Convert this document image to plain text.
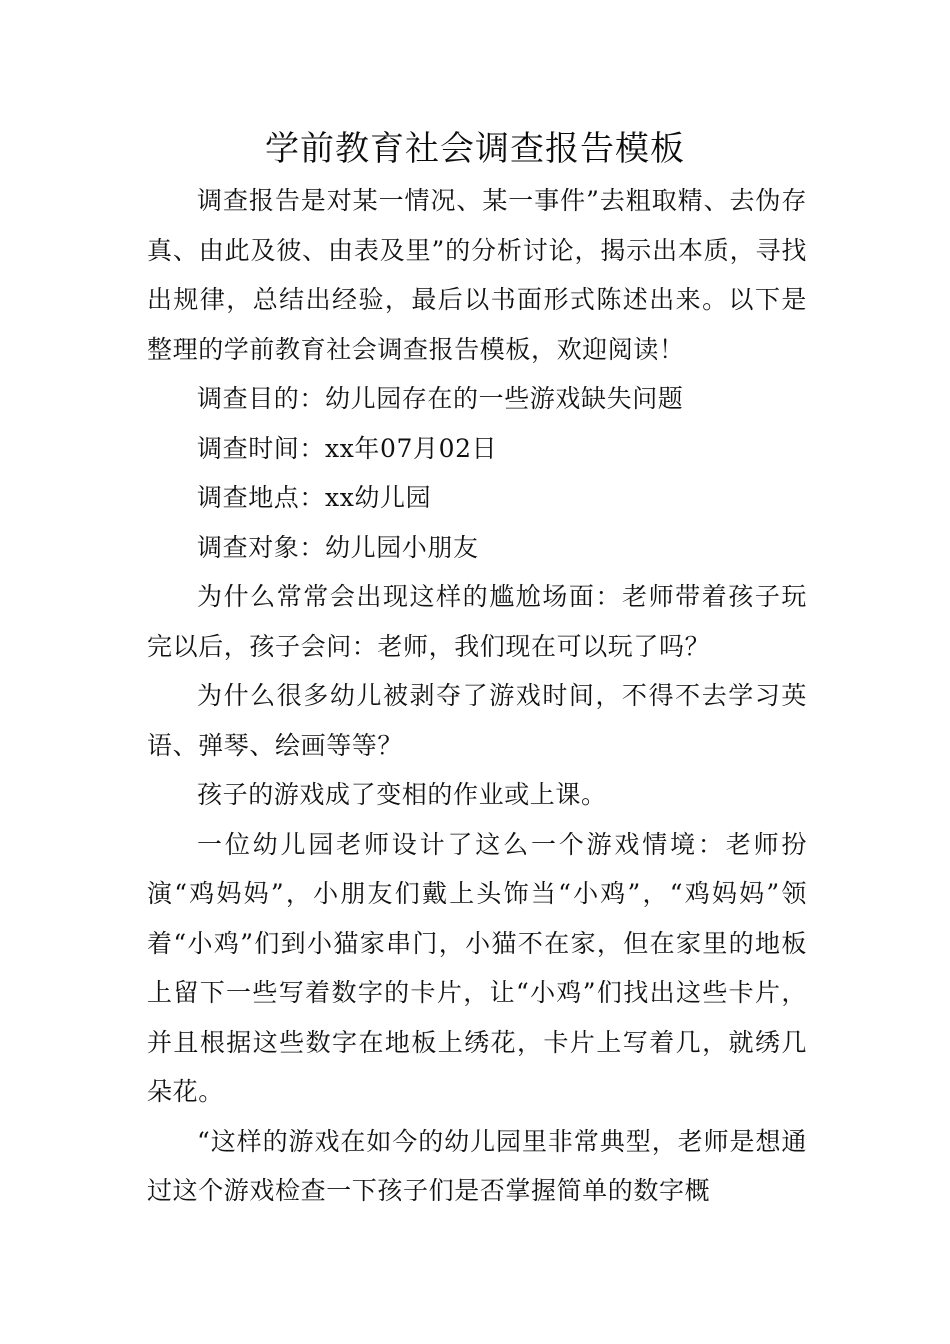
学前教育社会调查报告模板

调查报告是对某一情况、某一事件”去粗取精、去伪存真、由此及彼、由表及里”的分析讨论，揭示出本质，寻找出规律，总结出经验，最后以书面形式陈述出来。以下是整理的学前教育社会调查报告模板，欢迎阅读！

调查目的：幼儿园存在的一些游戏缺失问题

调查时间：xx年07月02日

调查地点：xx幼儿园

调查对象：幼儿园小朋友

为什么常常会出现这样的尴尬场面：老师带着孩子玩完以后，孩子会问：老师，我们现在可以玩了吗？

为什么很多幼儿被剥夺了游戏时间，不得不去学习英语、弹琴、绘画等等？

孩子的游戏成了变相的作业或上课。

一位幼儿园老师设计了这么一个游戏情境：老师扮演“鸡妈妈”，小朋友们戴上头饰当“小鸡”，“鸡妈妈”领着“小鸡”们到小猫家串门，小猫不在家，但在家里的地板上留下一些写着数字的卡片，让“小鸡”们找出这些卡片，并且根据这些数字在地板上绣花，卡片上写着几，就绣几朵花。

“这样的游戏在如今的幼儿园里非常典型，老师是想通过这个游戏检查一下孩子们是否掌握简单的数字概
